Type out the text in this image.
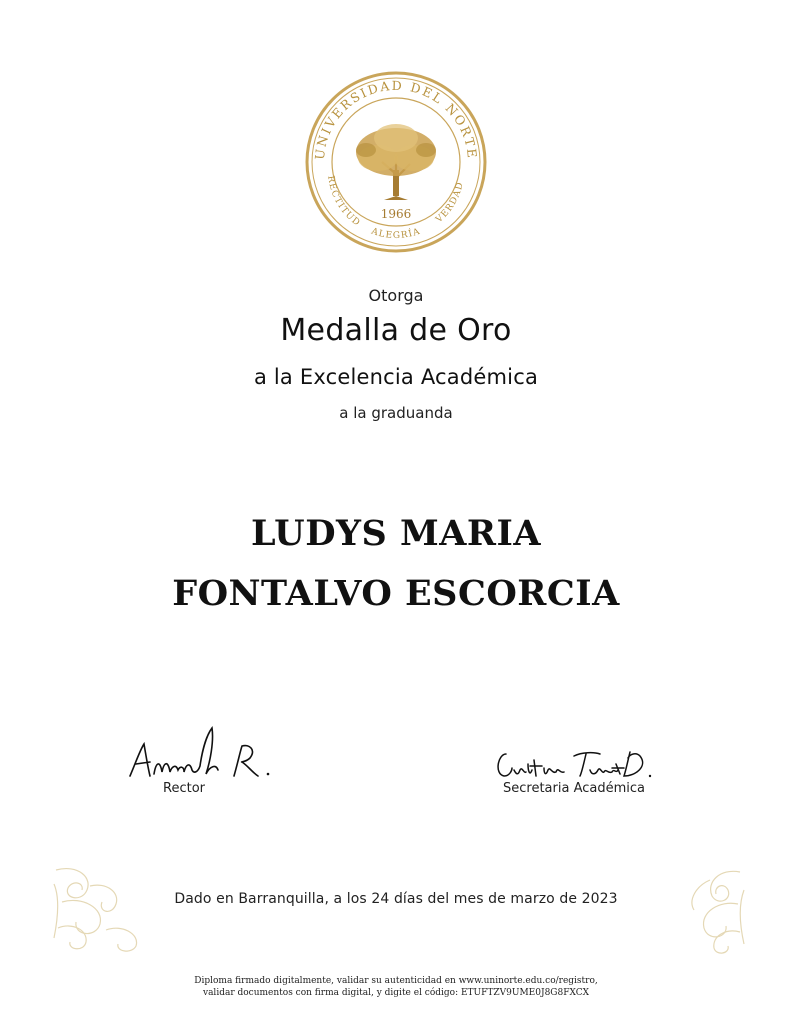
UNIVERSIDAD DEL NORTE
RECTITUD
ALEGRÍA
VERDAD
1966
Otorga
Medalla de Oro
a la Excelencia Académica
a la graduanda
LUDYS MARIA
FONTALVO ESCORCIA
Rector	Secretaria Académica
Dado en Barranquilla, a los 24 días del mes de marzo de 2023
Diploma firmado digitalmente, validar su autenticidad en www.uninorte.edu.co/registro,
validar documentos con firma digital, y digite el código: ETUFTZV9UME0J8G8FXCX
